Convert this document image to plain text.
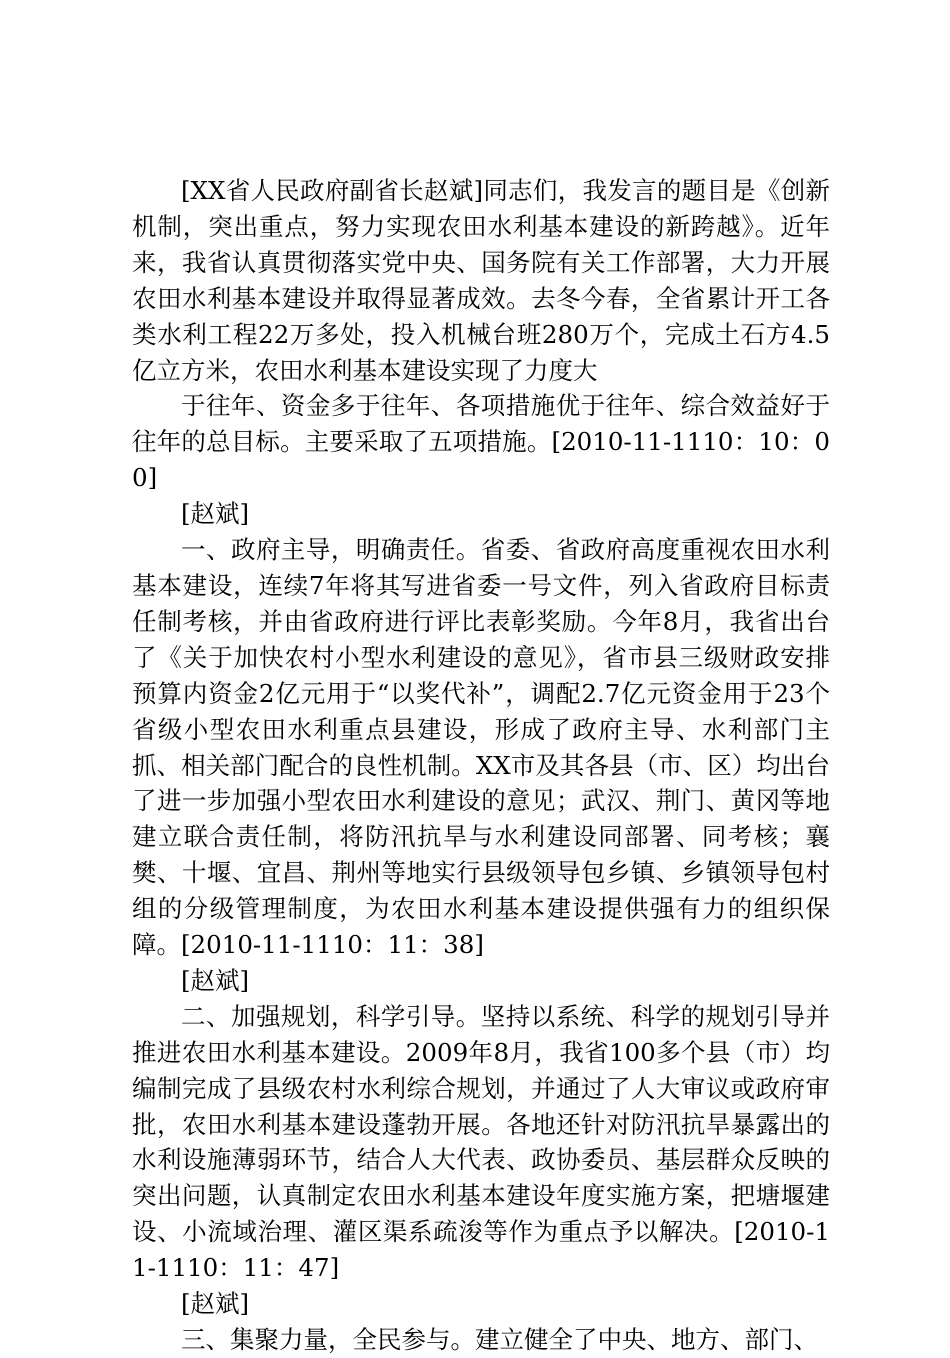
[XX省人民政府副省长赵斌]同志们，我发言的题目是《创新机制，突出重点，努力实现农田水利基本建设的新跨越》。近年来，我省认真贯彻落实党中央、国务院有关工作部署，大力开展农田水利基本建设并取得显著成效。去冬今春，全省累计开工各类水利工程22万多处，投入机械台班280万个，完成土石方4.5亿立方米，农田水利基本建设实现了力度大

于往年、资金多于往年、各项措施优于往年、综合效益好于往年的总目标。主要采取了五项措施。[2010-11-1110：10：00]

[赵斌]

一、政府主导，明确责任。省委、省政府高度重视农田水利基本建设，连续7年将其写进省委一号文件，列入省政府目标责任制考核，并由省政府进行评比表彰奖励。今年8月，我省出台了《关于加快农村小型水利建设的意见》，省市县三级财政安排预算内资金2亿元用于“以奖代补”，调配2.7亿元资金用于23个省级小型农田水利重点县建设，形成了政府主导、水利部门主抓、相关部门配合的良性机制。XX市及其各县（市、区）均出台了进一步加强小型农田水利建设的意见；武汉、荆门、黄冈等地建立联合责任制，将防汛抗旱与水利建设同部署、同考核；襄樊、十堰、宜昌、荆州等地实行县级领导包乡镇、乡镇领导包村组的分级管理制度，为农田水利基本建设提供强有力的组织保障。[2010-11-1110：11：38]

[赵斌]

二、加强规划，科学引导。坚持以系统、科学的规划引导并推进农田水利基本建设。2009年8月，我省100多个县（市）均编制完成了县级农村水利综合规划，并通过了人大审议或政府审批，农田水利基本建设蓬勃开展。各地还针对防汛抗旱暴露出的水利设施薄弱环节，结合人大代表、政协委员、基层群众反映的突出问题，认真制定农田水利基本建设年度实施方案，把塘堰建设、小流域治理、灌区渠系疏浚等作为重点予以解决。[2010-11-1110：11：47]

[赵斌]

三、集聚力量，全民参与。建立健全了中央、地方、部门、
